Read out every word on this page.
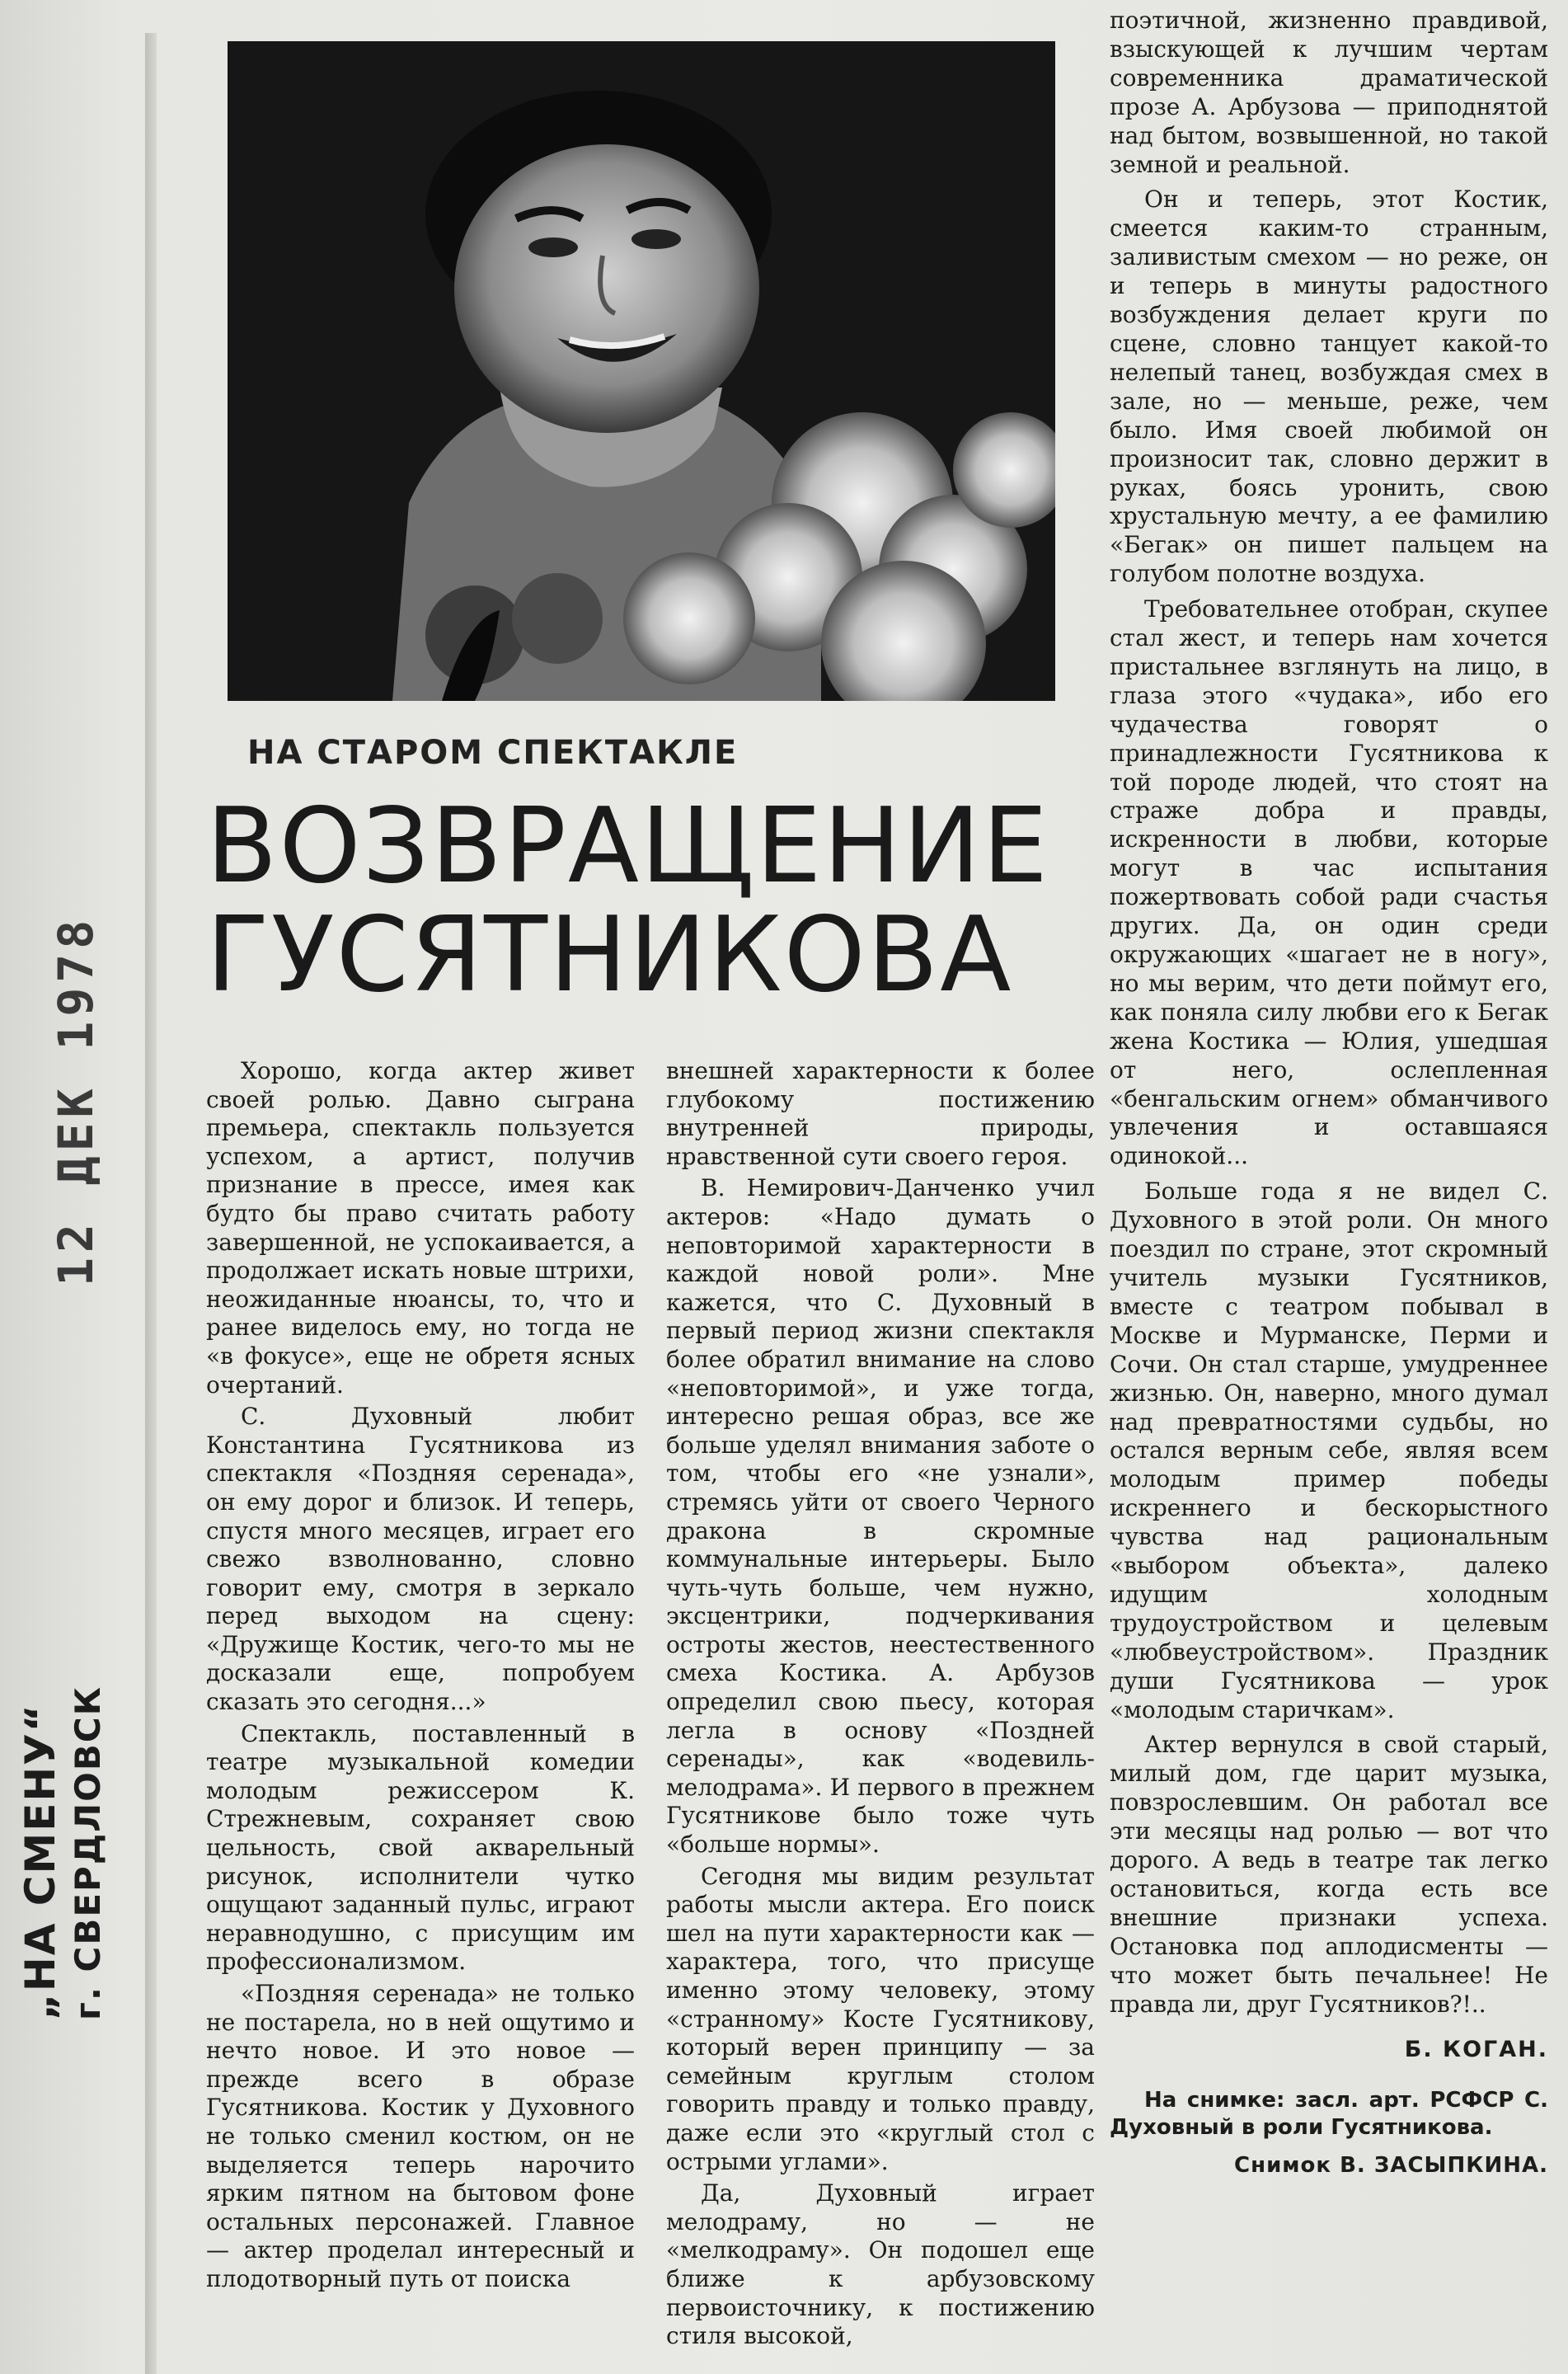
12 ДЕК 1978
„НА СМЕНУ“ г. СВЕРДЛОВСК
НА СТАРОМ СПЕКТАКЛЕ
ВОЗВРАЩЕНИЕ
ГУСЯТНИКОВА

Хорошо, когда актер живет своей ролью. Давно сыграна премьера, спектакль пользуется успехом, а артист, получив признание в прессе, имея как будто бы право считать работу завершенной, не успокаивается, а продолжает искать новые штрихи, неожиданные нюансы, то, что и ранее виделось ему, но тогда не «в фокусе», еще не обретя ясных очертаний.

С. Духовный любит Константина Гусятникова из спектакля «Поздняя серенада», он ему дорог и близок. И теперь, спустя много месяцев, играет его свежо взволнованно, словно говорит ему, смотря в зеркало перед выходом на сцену: «Дружище Костик, чего-то мы не досказали еще, попробуем сказать это сегодня...»

Спектакль, поставленный в театре музыкальной комедии молодым режиссером К. Стрежневым, сохраняет свою цельность, свой акварельный рисунок, исполнители чутко ощущают заданный пульс, играют неравнодушно, с присущим им профессионализмом.

«Поздняя серенада» не только не постарела, но в ней ощутимо и нечто новое. И это новое — прежде всего в образе Гусятникова. Костик у Духовного не только сменил костюм, он не выделяется теперь нарочито ярким пятном на бытовом фоне остальных персонажей. Главное — актер проделал интересный и плодотворный путь от поиска

внешней характерности к более глубокому постижению внутренней природы, нравственной сути своего героя.

В. Немирович-Данченко учил актеров: «Надо думать о неповторимой характерности в каждой новой роли». Мне кажется, что С. Духовный в первый период жизни спектакля более обратил внимание на слово «неповторимой», и уже тогда, интересно решая образ, все же больше уделял внимания заботе о том, чтобы его «не узнали», стремясь уйти от своего Черного дракона в скромные коммунальные интерьеры. Было чуть-чуть больше, чем нужно, эксцентрики, подчеркивания остроты жестов, неестественного смеха Костика. А. Арбузов определил свою пьесу, которая легла в основу «Поздней серенады», как «водевиль-мелодрама». И первого в прежнем Гусятникове было тоже чуть «больше нормы».

Сегодня мы видим результат работы мысли актера. Его поиск шел на пути характерности как — характера, того, что присуще именно этому человеку, этому «странному» Косте Гусятникову, который верен принципу — за семейным круглым столом говорить правду и только правду, даже если это «круглый стол с острыми углами».

Да, Духовный играет мелодраму, но — не «мелкодраму». Он подошел еще ближе к арбузовскому первоисточнику, к постижению стиля высокой,

поэтичной, жизненно правдивой, взыскующей к лучшим чертам современника драматической прозе А. Арбузова — приподнятой над бытом, возвышенной, но такой земной и реальной.

Он и теперь, этот Костик, смеется каким-то странным, заливистым смехом — но реже, он и теперь в минуты радостного возбуждения делает круги по сцене, словно танцует какой-то нелепый танец, возбуждая смех в зале, но — меньше, реже, чем было. Имя своей любимой он произносит так, словно держит в руках, боясь уронить, свою хрустальную мечту, а ее фамилию «Бегак» он пишет пальцем на голубом полотне воздуха.

Требовательнее отобран, скупее стал жест, и теперь нам хочется пристальнее взглянуть на лицо, в глаза этого «чудака», ибо его чудачества говорят о принадлежности Гусятникова к той породе людей, что стоят на страже добра и правды, искренности в любви, которые могут в час испытания пожертвовать собой ради счастья других. Да, он один среди окружающих «шагает не в ногу», но мы верим, что дети поймут его, как поняла силу любви его к Бегак жена Костика — Юлия, ушедшая от него, ослепленная «бенгальским огнем» обманчивого увлечения и оставшаяся одинокой...

Больше года я не видел С. Духовного в этой роли. Он много поездил по стране, этот скромный учитель музыки Гусятников, вместе с театром побывал в Москве и Мурманске, Перми и Сочи. Он стал старше, умудреннее жизнью. Он, наверно, много думал над превратностями судьбы, но остался верным себе, являя всем молодым пример победы искреннего и бескорыстного чувства над рациональным «выбором объекта», далеко идущим холодным трудоустройством и целевым «любвеустройством». Праздник души Гусятникова — урок «молодым старичкам».

Актер вернулся в свой старый, милый дом, где царит музыка, повзрослевшим. Он работал все эти месяцы над ролью — вот что дорого. А ведь в театре так легко остановиться, когда есть все внешние признаки успеха. Остановка под аплодисменты — что может быть печальнее! Не правда ли, друг Гусятников?!..

Б. КОГАН.
На снимке: засл. арт. РСФСР С. Духовный в роли Гусятникова.
Снимок В. ЗАСЫПКИНА.
